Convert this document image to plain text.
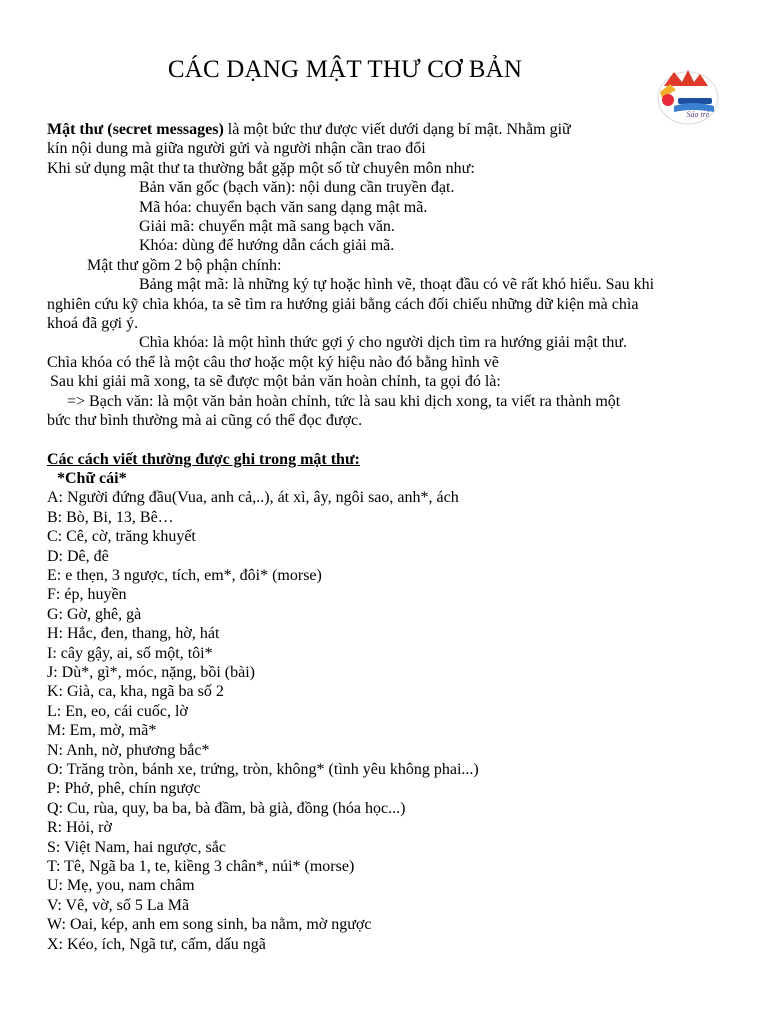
CÁC DẠNG MẬT THƯ CƠ BẢN
Sáo trẻ
Mật thư (secret messages) là một bức thư được viết dưới dạng bí mật. Nhằm giữ
kín nội dung mà giữa người gửi và người nhận cần trao đổi
Khi sử dụng mật thư ta thường bắt gặp một số từ chuyên môn như:
Bản văn gốc (bạch văn): nội dung cần truyền đạt.
Mã hóa: chuyển bạch văn sang dạng mật mã.
Giải mã: chuyển mật mã sang bạch văn.
Khóa: dùng để hướng dẫn cách giải mã.
Mật thư gồm 2 bộ phận chính:
Bảng mật mã: là những ký tự hoặc hình vẽ, thoạt đầu có vẽ rất khó hiểu. Sau khi
nghiên cứu kỹ chìa khóa, ta sẽ tìm ra hướng giải bằng cách đối chiếu những dữ kiện mà chìa
khoá đã gợi ý.
Chìa khóa: là một hình thức gợi ý cho người dịch tìm ra hướng giải mật thư.
Chìa khóa có thể là một câu thơ hoặc một ký hiệu nào đó bằng hình vẽ
Sau khi giải mã xong, ta sẽ được một bản văn hoàn chỉnh, ta gọi đó là:
=> Bạch văn: là một văn bản hoàn chỉnh, tức là sau khi dịch xong, ta viết ra thành một
bức thư bình thường mà ai cũng có thể đọc được.
Các cách viết thường được ghi trong mật thư:
*Chữ cái*
A: Người đứng đầu(Vua, anh cả,..), át xì, ây, ngôi sao, anh*, ách
B: Bò, Bi, 13, Bê…
C: Cê, cờ, trăng khuyết
D: Dê, đê
E: e thẹn, 3 ngược, tích, em*, đôi* (morse)
F: ép, huyền
G: Gờ, ghê, gà
H: Hắc, đen, thang, hờ, hát
I: cây gậy, ai, số một, tôi*
J: Dù*, gì*, móc, nặng, bồi (bài)
K: Già, ca, kha, ngã ba số 2
L: En, eo, cái cuốc, lờ
M: Em, mờ, mã*
N: Anh, nờ, phương bắc*
O: Trăng tròn, bánh xe, trứng, tròn, không* (tình yêu không phai...)
P: Phở, phê, chín ngược
Q: Cu, rùa, quy, ba ba, bà đầm, bà già, đồng (hóa học...)
R: Hỏi, rờ
S: Việt Nam, hai ngược, sắc
T: Tê, Ngã ba 1, te, kiềng 3 chân*, núi* (morse)
U: Mẹ, you, nam châm
V: Vê, vờ, số 5 La Mã
W: Oai, kép, anh em song sinh, ba nằm, mờ ngược
X: Kéo, ích, Ngã tư, cấm, dấu ngã
